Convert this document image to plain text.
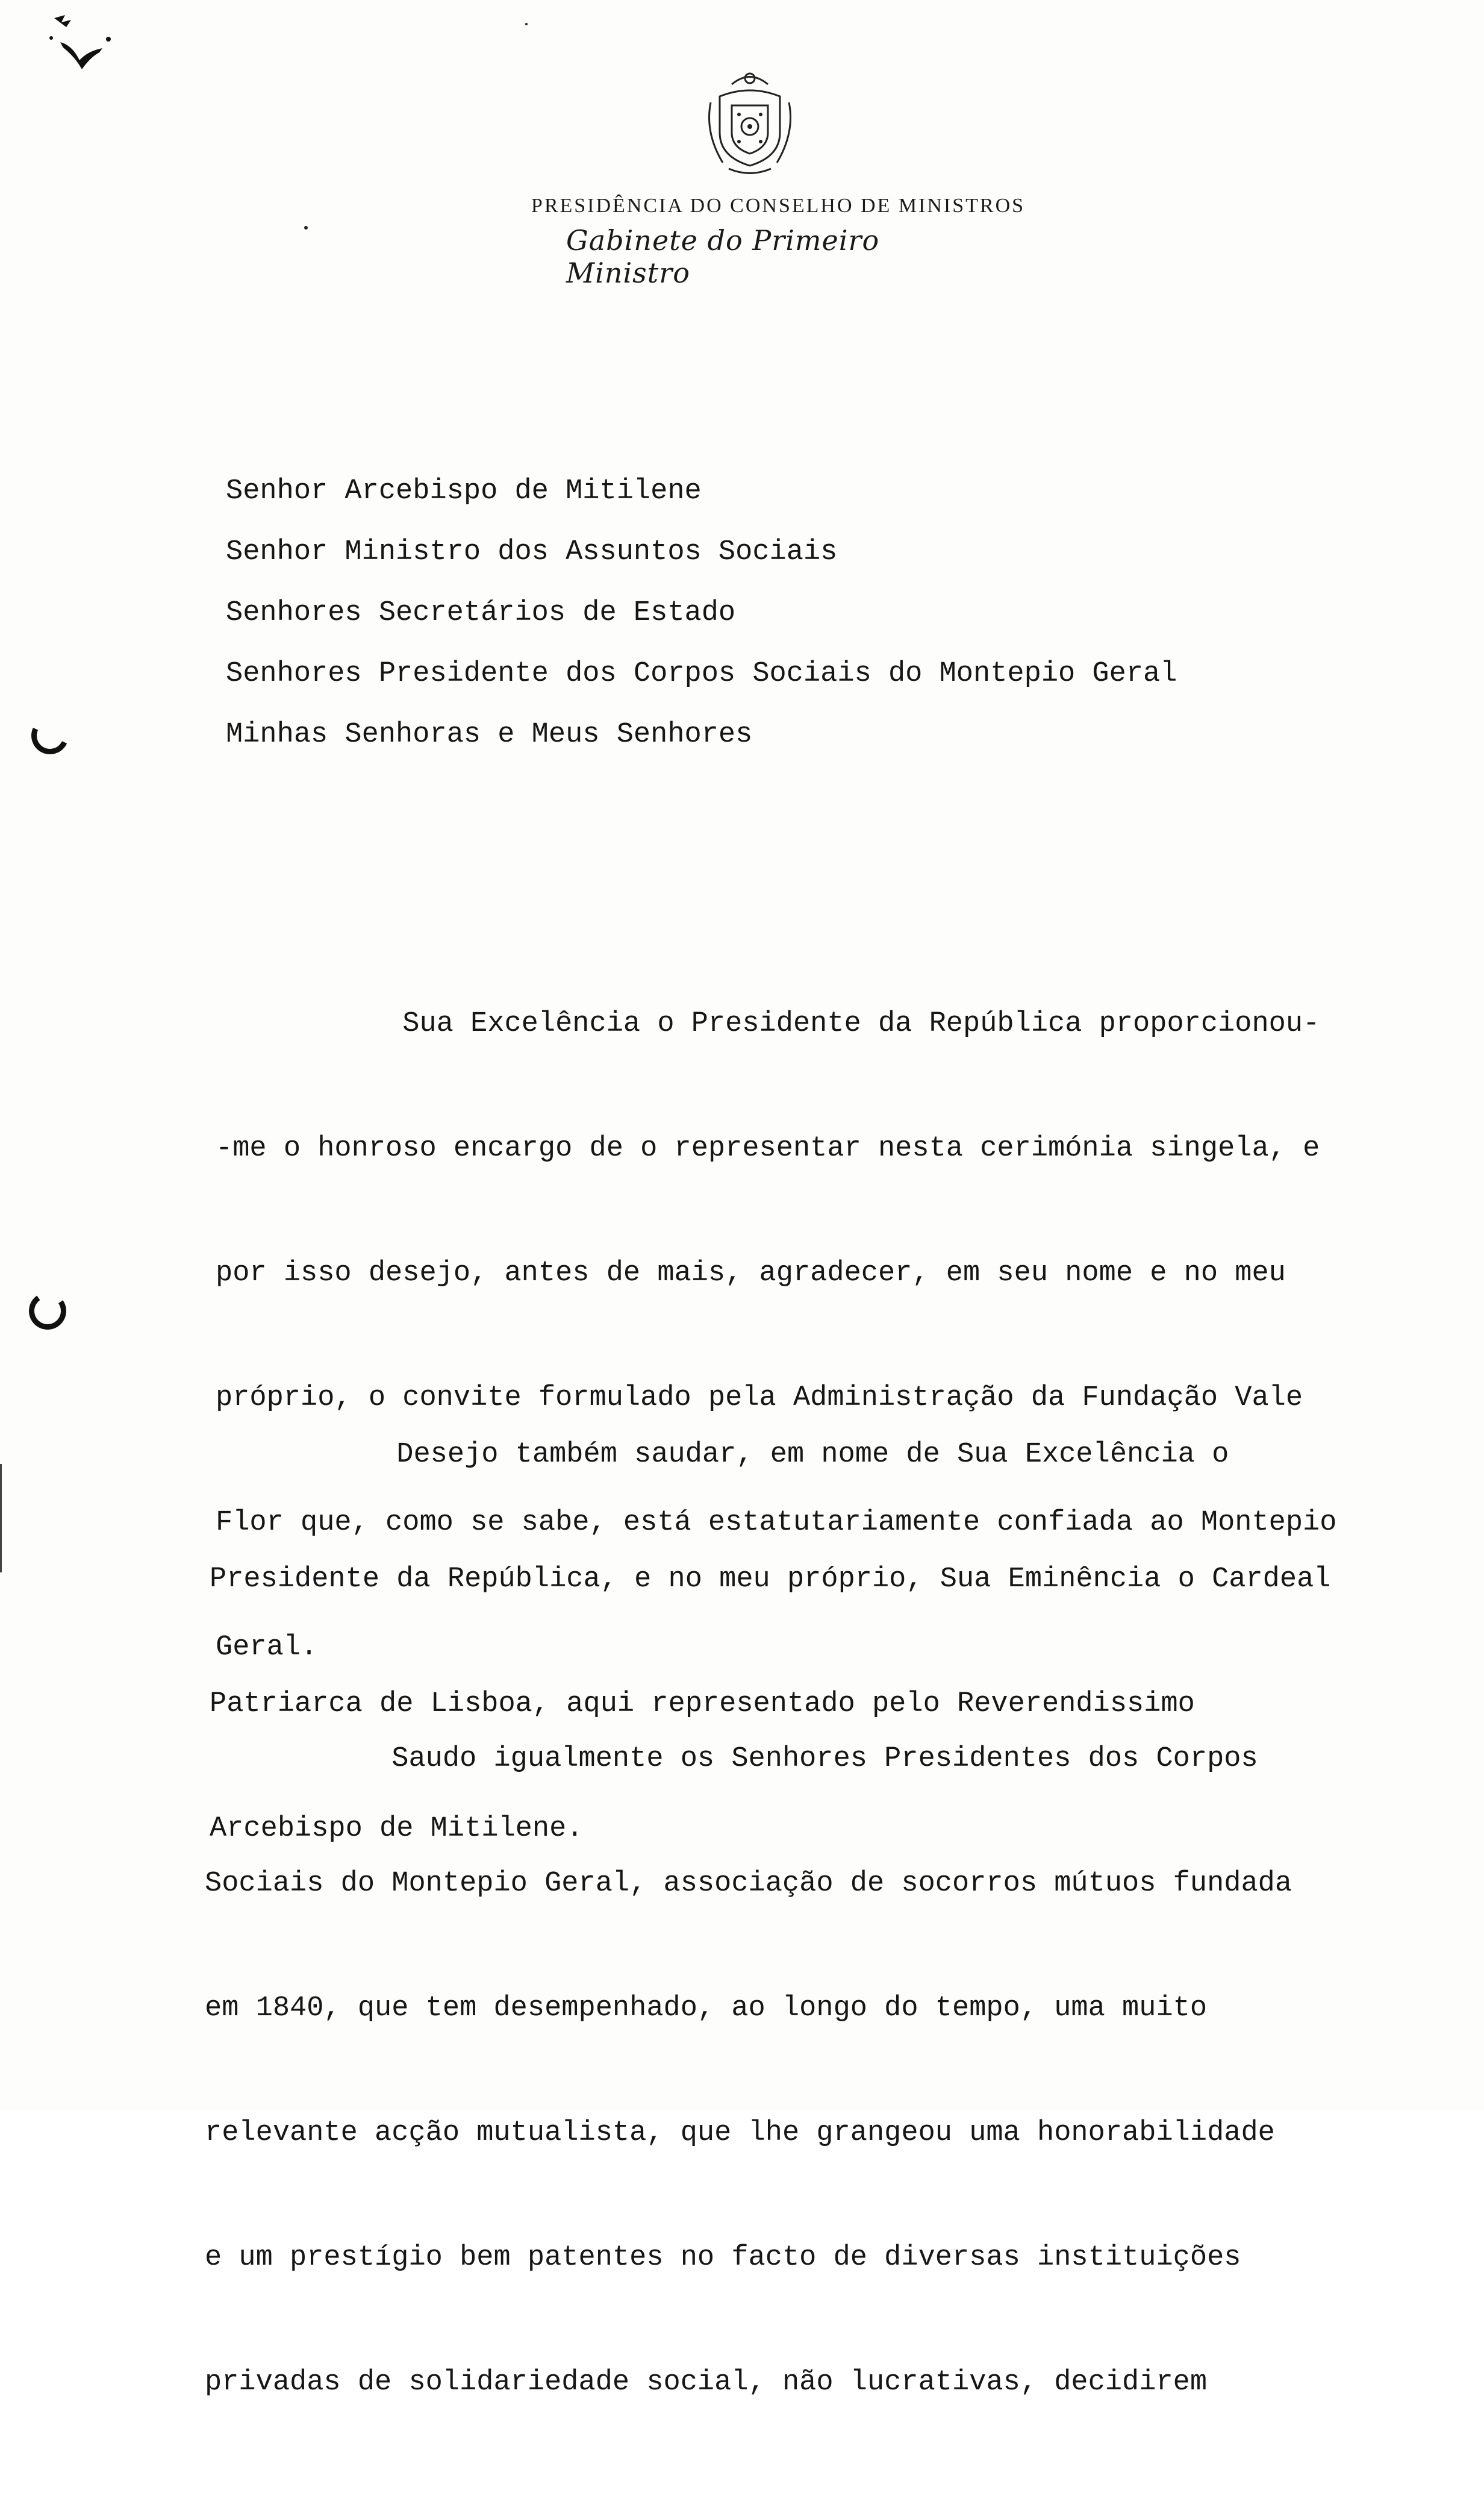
PRESIDÊNCIA DO CONSELHO DE MINISTROS
Gabinete do Primeiro Ministro
Senhor Arcebispo de Mitilene
Senhor Ministro dos Assuntos Sociais
Senhores Secretários de Estado
Senhores Presidente dos Corpos Sociais do Montepio Geral
Minhas Senhoras e Meus Senhores

Sua Excelência o Presidente da República proporcionou-

-me o honroso encargo de o representar nesta cerimónia singela, e

por isso desejo, antes de mais, agradecer, em seu nome e no meu

próprio, o convite formulado pela Administração da Fundação Vale

Flor que, como se sabe, está estatutariamente confiada ao Montepio

Geral.

Desejo também saudar, em nome de Sua Excelência o

Presidente da República, e no meu próprio, Sua Eminência o Cardeal

Patriarca de Lisboa, aqui representado pelo Reverendissimo

Arcebispo de Mitilene.

Saudo igualmente os Senhores Presidentes dos Corpos

Sociais do Montepio Geral, associação de socorros mútuos fundada

em 1840, que tem desempenhado, ao longo do tempo, uma muito

relevante acção mutualista, que lhe grangeou uma honorabilidade

e um prestígio bem patentes no facto de diversas instituições

privadas de solidariedade social, não lucrativas, decidirem
